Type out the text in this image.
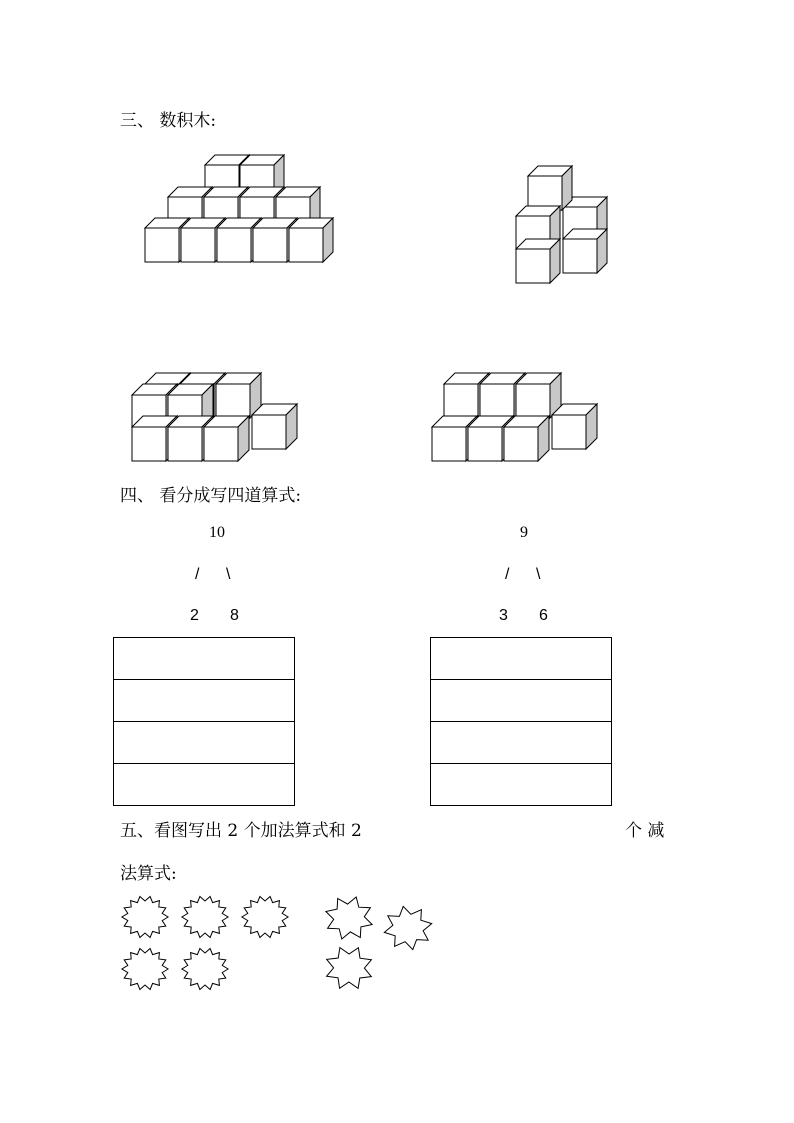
三、 数积木:
四、 看分成写四道算式:
10
/ \
2 8
9
/ \
3 6
五、看图写出 2 个加法算式和 2	个 减
法算式:
